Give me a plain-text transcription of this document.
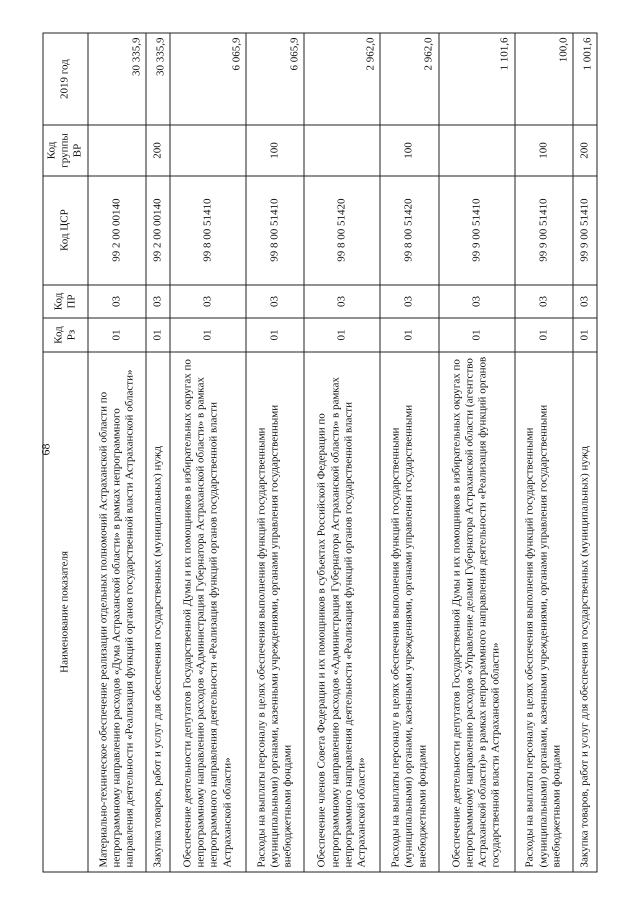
68
Наименование показателя	Код Рз	Код ПР	Код ЦСР	Код группы ВР	2019 год
Материально-техническое обеспечение реализации отдельных полномочий Астраханской области по непрограммному направлению расходов «Дума Астраханской области» в рамках непрограммного направления деятельности «Реализация функций органов государственной власти Астраханской области»	01	03	99 2 00 00140		30 335,9
Закупка товаров, работ и услуг для обеспечения государственных (муниципальных) нужд	01	03	99 2 00 00140	200	30 335,9
Обеспечение деятельности депутатов Государственной Думы и их помощников в избирательных округах по непрограммному направлению расходов «Администрация Губернатора Астраханской области» в рамках непрограммного направления деятельности «Реализация функций органов государственной власти Астраханской области»	01	03	99 8 00 51410		6 065,9
Расходы на выплаты персоналу в целях обеспечения выполнения функций государственными (муниципальными) органами, казенными учреждениями, органами управления государственными внебюджетными фондами	01	03	99 8 00 51410	100	6 065,9
Обеспечение членов Совета Федерации и их помощников в субъектах Российской Федерации по непрограммному направлению расходов «Администрация Губернатора Астраханской области» в рамках непрограммного направления деятельности «Реализация функций органов государственной власти Астраханской области»	01	03	99 8 00 51420		2 962,0
Расходы на выплаты персоналу в целях обеспечения выполнения функций государственными (муниципальными) органами, казенными учреждениями, органами управления государственными внебюджетными фондами	01	03	99 8 00 51420	100	2 962,0
Обеспечение деятельности депутатов Государственной Думы и их помощников в избирательных округах по непрограммному направлению расходов «Управление делами Губернатора Астраханской области (агентство Астраханской области)» в рамках непрограммного направления деятельности «Реализация функций органов государственной власти Астраханской области»	01	03	99 9 00 51410		1 101,6
Расходы на выплаты персоналу в целях обеспечения выполнения функций государственными (муниципальными) органами, казенными учреждениями, органами управления государственными внебюджетными фондами	01	03	99 9 00 51410	100	100,0
Закупка товаров, работ и услуг для обеспечения государственных (муниципальных) нужд	01	03	99 9 00 51410	200	1 001,6
